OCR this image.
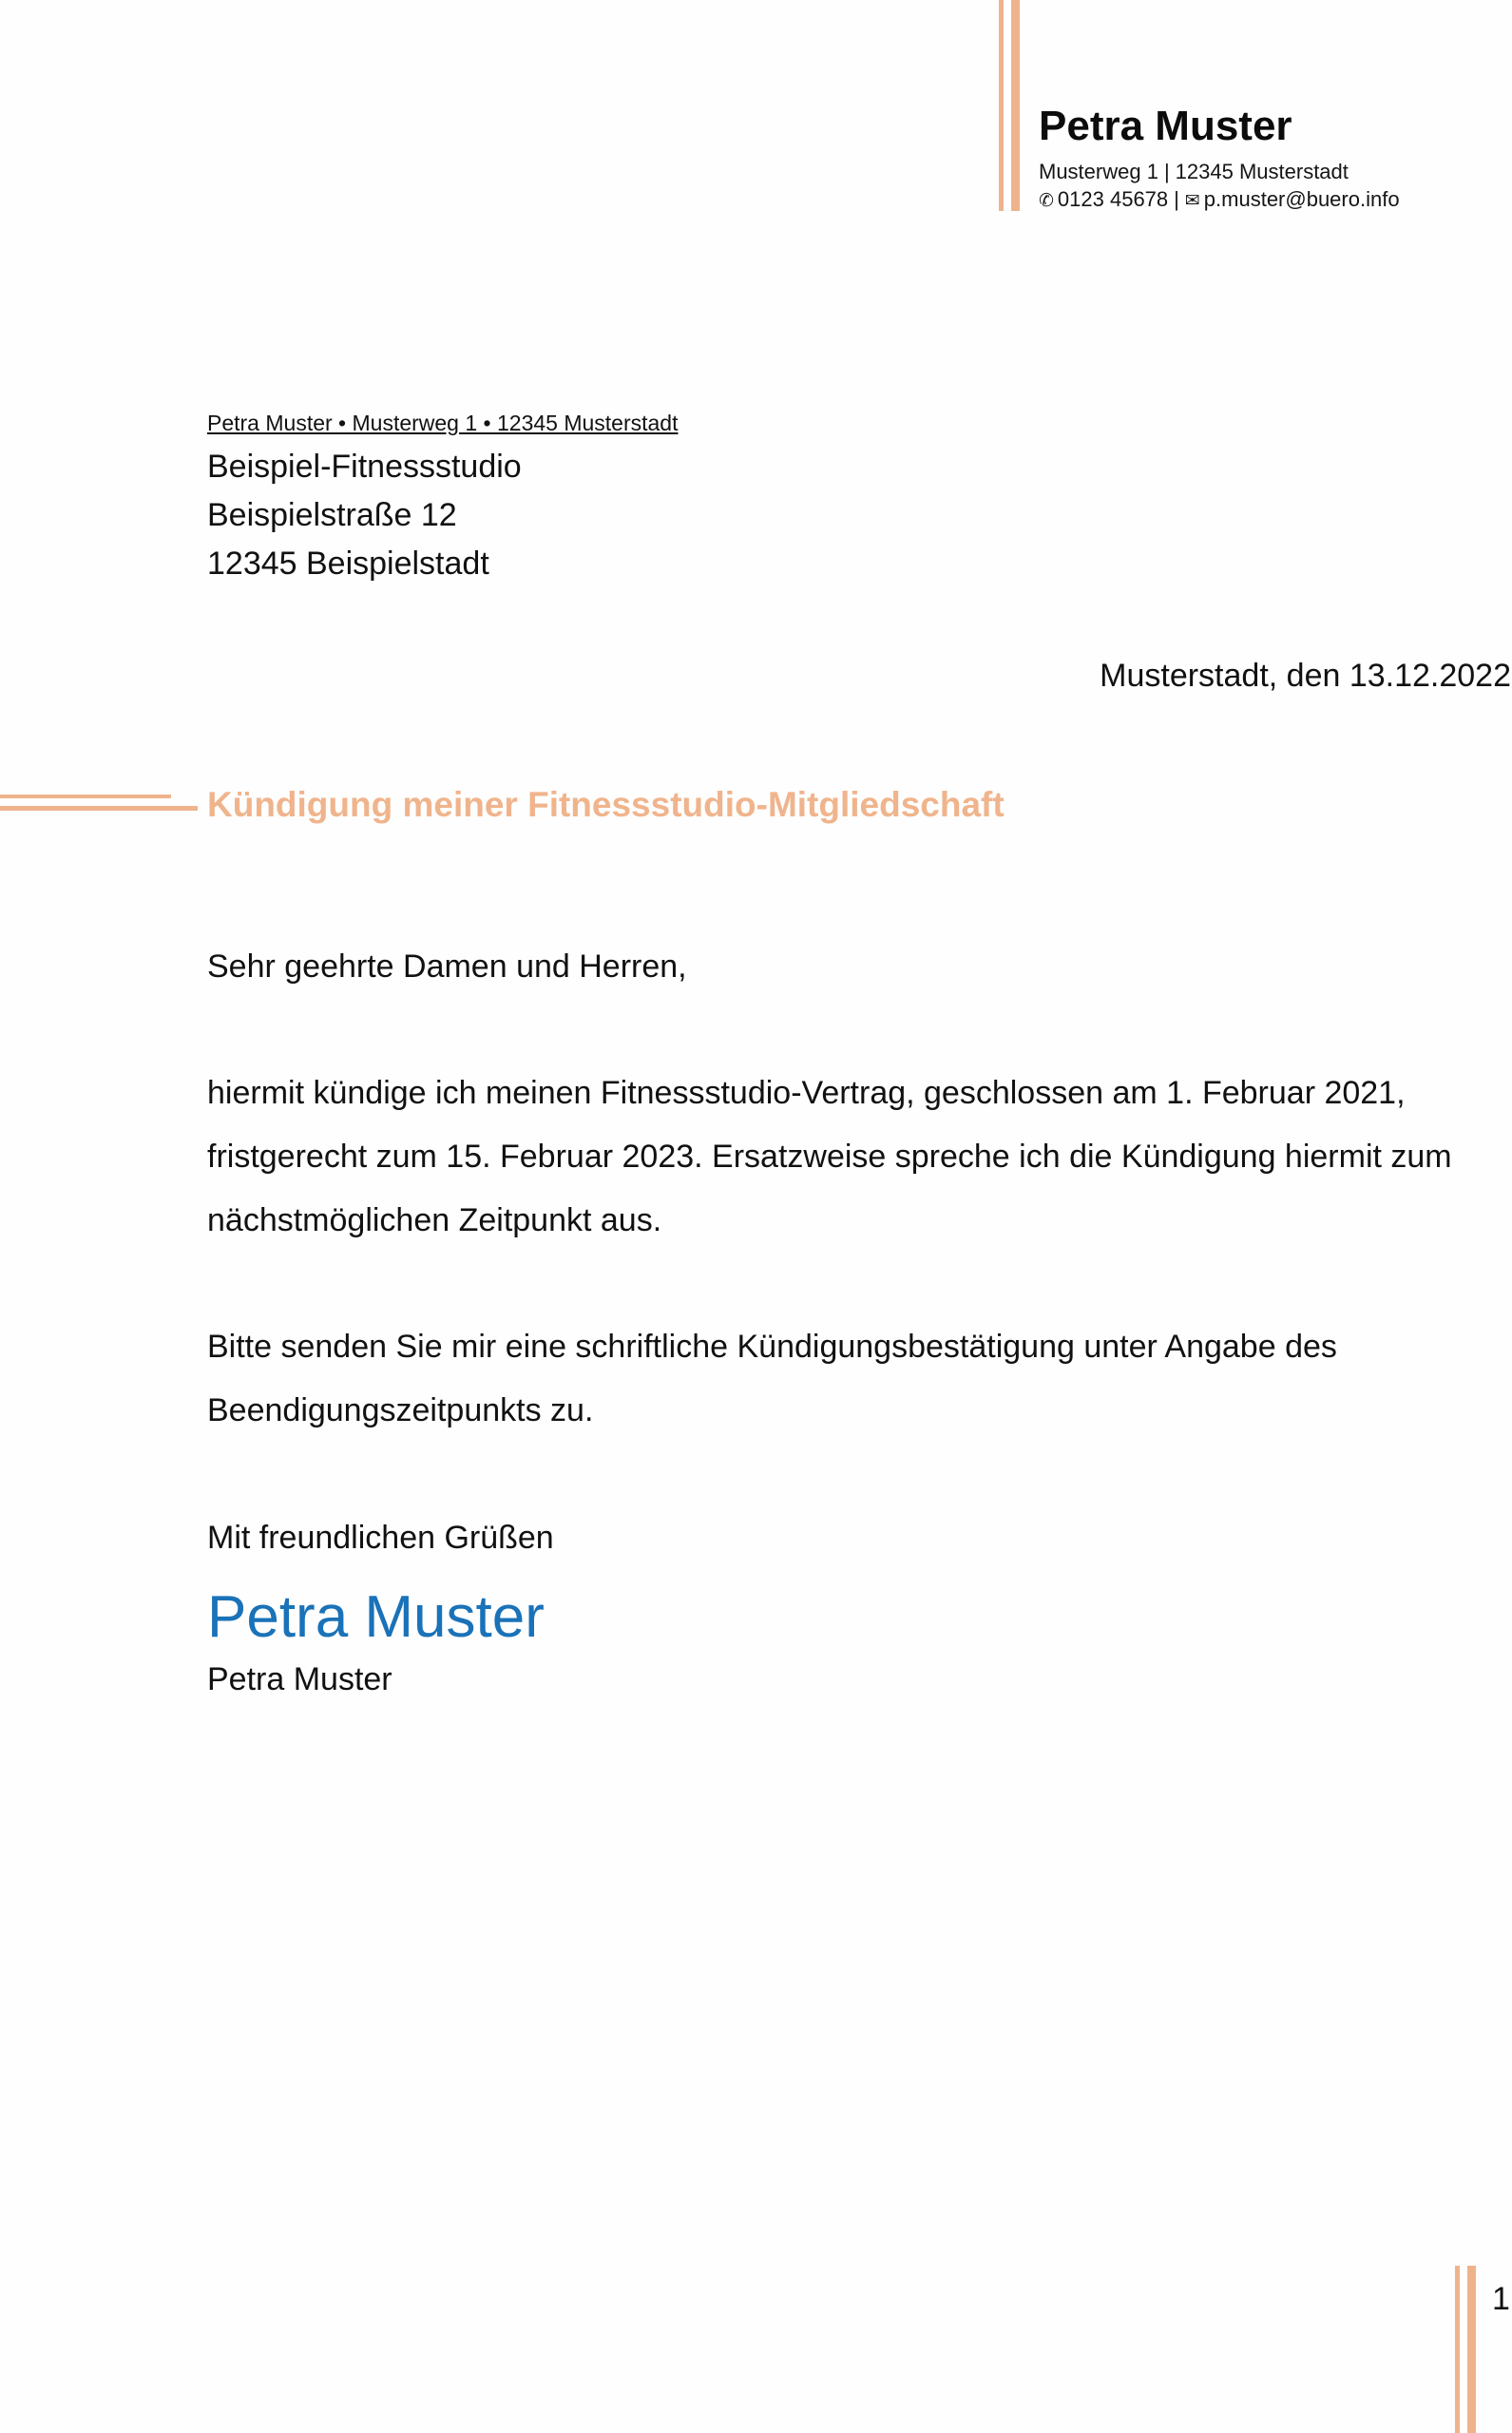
Petra Muster
Musterweg 1 | 12345 Musterstadt
✆ 0123 45678 | ✉ p.muster@buero.info
Petra Muster • Musterweg 1 • 12345 Musterstadt
Beispiel-Fitnessstudio
Beispielstraße 12
12345 Beispielstadt
Musterstadt, den 13.12.2022
Kündigung meiner Fitnessstudio-Mitgliedschaft
Sehr geehrte Damen und Herren,
hiermit kündige ich meinen Fitnessstudio-Vertrag, geschlossen am 1. Februar 2021,
fristgerecht zum 15. Februar 2023. Ersatzweise spreche ich die Kündigung hiermit zum
nächstmöglichen Zeitpunkt aus.
Bitte senden Sie mir eine schriftliche Kündigungsbestätigung unter Angabe des
Beendigungszeitpunkts zu.
Mit freundlichen Grüßen
Petra Muster
Petra Muster
1
